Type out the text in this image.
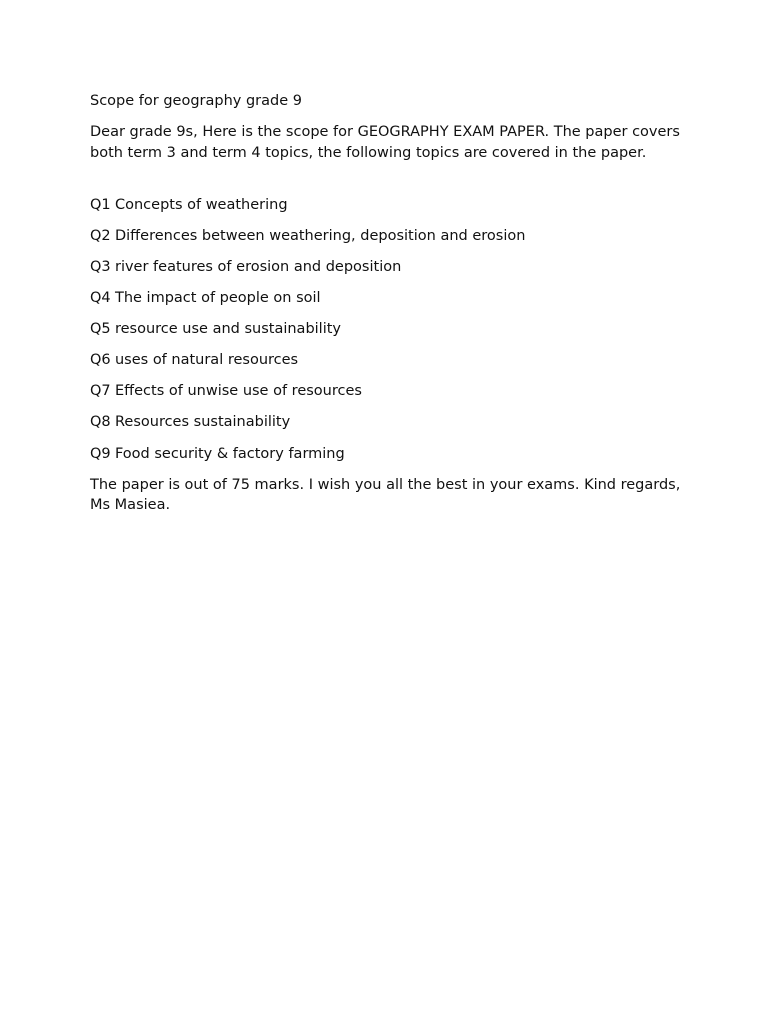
Scope for geography grade 9

Dear grade 9s, Here is the scope for GEOGRAPHY EXAM PAPER. The paper covers both term 3 and term 4 topics, the following topics are covered in the paper.

Q1 Concepts of weathering
Q2 Differences between weathering, deposition and erosion
Q3 river features of erosion and deposition
Q4 The impact of people on soil
Q5 resource use and sustainability
Q6 uses of natural resources
Q7 Effects of unwise use of resources
Q8 Resources sustainability
Q9 Food security & factory farming

The paper is out of 75 marks. I wish you all the best in your exams. Kind regards, Ms Masiea.
